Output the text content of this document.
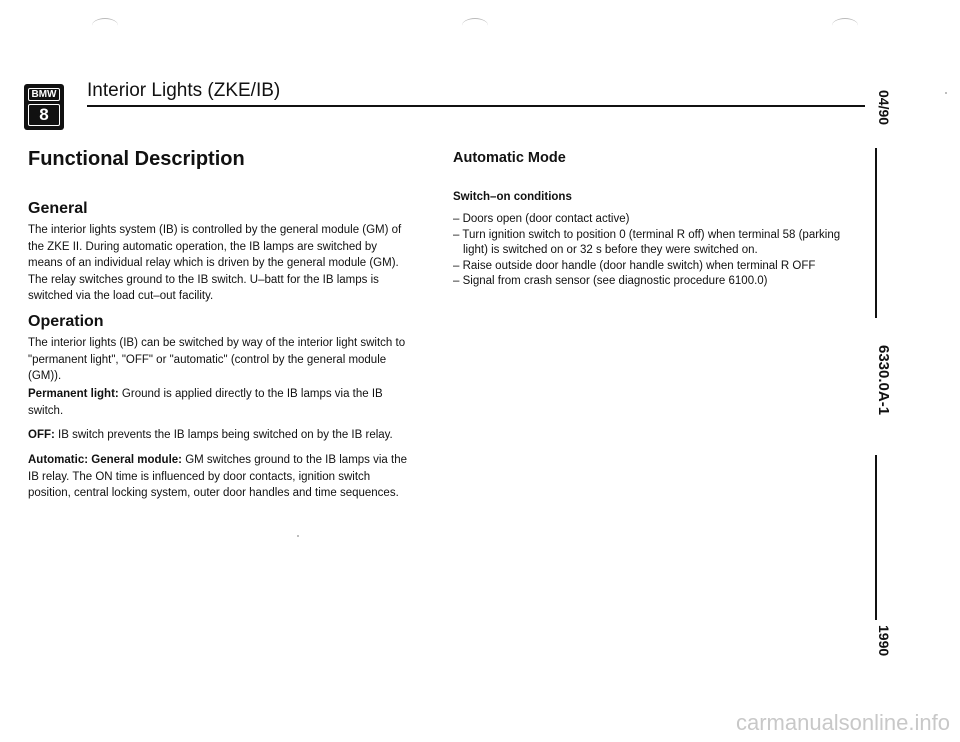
BMW
8
Interior Lights (ZKE/IB)
Functional Description
General

The interior lights system (IB) is controlled by the general module (GM) of the ZKE II. During automatic operation, the IB lamps are switched by means of an individual relay which is driven by the general module (GM). The relay switches ground to the IB switch. U–batt for the IB lamps is switched via the load cut–out facility.

Operation

The interior lights (IB) can be switched by way of the interior light switch to "permanent light", "OFF" or "automatic" (control by the general module (GM)).

Permanent light: Ground is applied directly to the IB lamps via the IB switch.

OFF: IB switch prevents the IB lamps being switched on by the IB relay.

Automatic: General module: GM switches ground to the IB lamps via the IB relay. The ON time is influenced by door contacts, ignition switch position, central locking system, outer door handles and time sequences.

Automatic Mode
Switch–on conditions
– Doors open (door contact active)
– Turn ignition switch to position 0 (terminal R off) when terminal 58 (parking light) is switched on or 32 s before they were switched on.
– Raise outside door handle (door handle switch) when terminal R OFF
– Signal from crash sensor (see diagnostic procedure 6100.0)
04/90
6330.0A-1
1990
carmanualsonline.info
